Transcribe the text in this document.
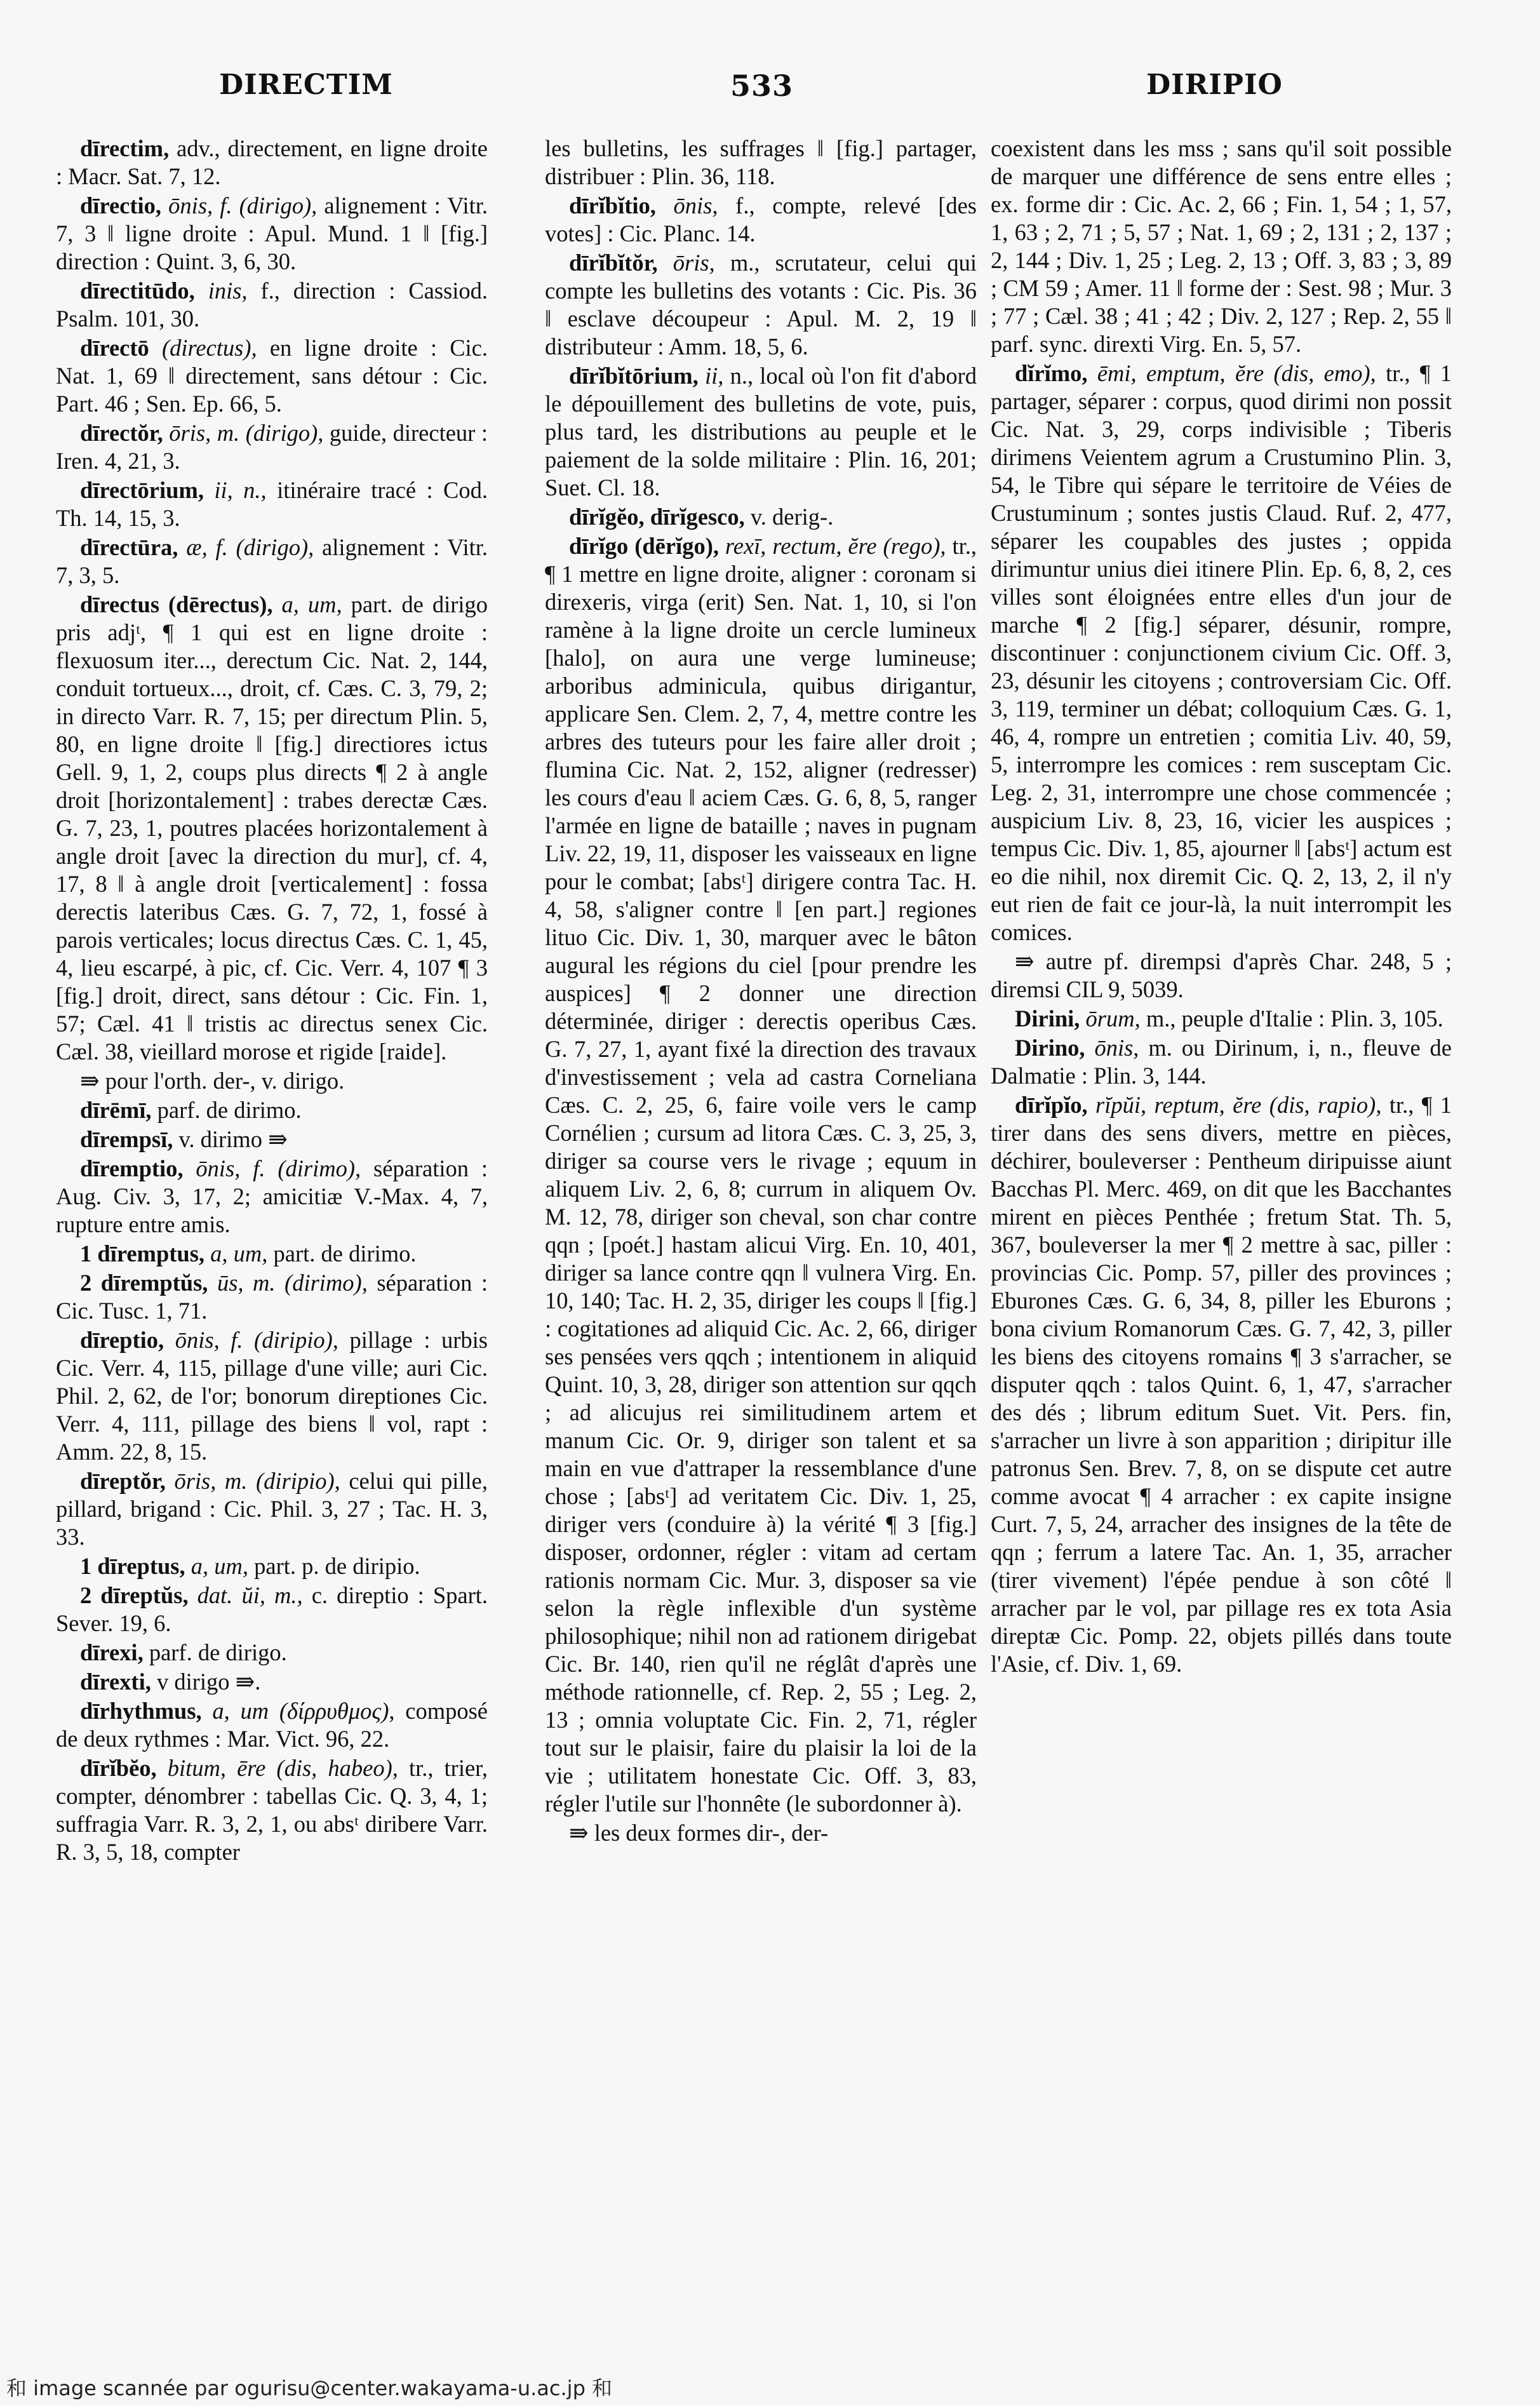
DIRECTIM	533	DIRIPIO

dīrectim, adv., directement, en ligne droite : Macr. Sat. 7, 12.

dīrectio, ōnis, f. (dirigo), alignement : Vitr. 7, 3 ‖ ligne droite : Apul. Mund. 1 ‖ [fig.] direction : Quint. 3, 6, 30.

dīrectitūdo, inis, f., direction : Cassiod. Psalm. 101, 30.

dīrectō (directus), en ligne droite : Cic. Nat. 1, 69 ‖ directement, sans détour : Cic. Part. 46 ; Sen. Ep. 66, 5.

dīrectŏr, ōris, m. (dirigo), guide, directeur : Iren. 4, 21, 3.

dīrectōrium, ii, n., itinéraire tracé : Cod. Th. 14, 15, 3.

dīrectūra, æ, f. (dirigo), alignement : Vitr. 7, 3, 5.

dīrectus (dērectus), a, um, part. de dirigo pris adjᵗ, ¶ 1 qui est en ligne droite : flexuosum iter..., derectum Cic. Nat. 2, 144, conduit tortueux..., droit, cf. Cæs. C. 3, 79, 2; in directo Varr. R. 7, 15; per directum Plin. 5, 80, en ligne droite ‖ [fig.] directiores ictus Gell. 9, 1, 2, coups plus directs ¶ 2 à angle droit [horizontalement] : trabes derectæ Cæs. G. 7, 23, 1, poutres placées horizontalement à angle droit [avec la direction du mur], cf. 4, 17, 8 ‖ à angle droit [verticalement] : fossa derectis lateribus Cæs. G. 7, 72, 1, fossé à parois verticales; locus directus Cæs. C. 1, 45, 4, lieu escarpé, à pic, cf. Cic. Verr. 4, 107 ¶ 3 [fig.] droit, direct, sans détour : Cic. Fin. 1, 57; Cæl. 41 ‖ tristis ac directus senex Cic. Cæl. 38, vieillard morose et rigide [raide].

⇛ pour l'orth. der-, v. dirigo.

dīrēmī, parf. de dirimo.

dīrempsī, v. dirimo ⇛

dīremptio, ōnis, f. (dirimo), séparation : Aug. Civ. 3, 17, 2; amicitiæ V.-Max. 4, 7, rupture entre amis.

1 dīremptus, a, um, part. de dirimo.

2 dīremptŭs, ūs, m. (dirimo), séparation : Cic. Tusc. 1, 71.

dīreptio, ōnis, f. (diripio), pillage : urbis Cic. Verr. 4, 115, pillage d'une ville; auri Cic. Phil. 2, 62, de l'or; bonorum direptiones Cic. Verr. 4, 111, pillage des biens ‖ vol, rapt : Amm. 22, 8, 15.

dīreptŏr, ōris, m. (diripio), celui qui pille, pillard, brigand : Cic. Phil. 3, 27 ; Tac. H. 3, 33.

1 dīreptus, a, um, part. p. de diripio.

2 dīreptŭs, dat. ŭi, m., c. direptio : Spart. Sever. 19, 6.

dīrexi, parf. de dirigo.

dīrexti, v dirigo ⇛.

dīrhythmus, a, um (δίρρυθμος), composé de deux rythmes : Mar. Vict. 96, 22.

dīrĭbĕo, bitum, ēre (dis, habeo), tr., trier, compter, dénombrer : tabellas Cic. Q. 3, 4, 1; suffragia Varr. R. 3, 2, 1, ou absᵗ diribere Varr. R. 3, 5, 18, compter

les bulletins, les suffrages ‖ [fig.] partager, distribuer : Plin. 36, 118.

dīrĭbĭtio, ōnis, f., compte, relevé [des votes] : Cic. Planc. 14.

dīrĭbĭtŏr, ōris, m., scrutateur, celui qui compte les bulletins des votants : Cic. Pis. 36 ‖ esclave découpeur : Apul. M. 2, 19 ‖ distributeur : Amm. 18, 5, 6.

dīrĭbĭtōrium, ii, n., local où l'on fit d'abord le dépouillement des bulletins de vote, puis, plus tard, les distributions au peuple et le paiement de la solde militaire : Plin. 16, 201; Suet. Cl. 18.

dīrĭgĕo, dīrĭgesco, v. derig-.

dīrĭgo (dērĭgo), rexī, rectum, ĕre (rego), tr., ¶ 1 mettre en ligne droite, aligner : coronam si direxeris, virga (erit) Sen. Nat. 1, 10, si l'on ramène à la ligne droite un cercle lumineux [halo], on aura une verge lumineuse; arboribus adminicula, quibus dirigantur, applicare Sen. Clem. 2, 7, 4, mettre contre les arbres des tuteurs pour les faire aller droit ; flumina Cic. Nat. 2, 152, aligner (redresser) les cours d'eau ‖ aciem Cæs. G. 6, 8, 5, ranger l'armée en ligne de bataille ; naves in pugnam Liv. 22, 19, 11, disposer les vaisseaux en ligne pour le combat; [absᵗ] dirigere contra Tac. H. 4, 58, s'aligner contre ‖ [en part.] regiones lituo Cic. Div. 1, 30, marquer avec le bâton augural les régions du ciel [pour prendre les auspices] ¶ 2 donner une direction déterminée, diriger : derectis operibus Cæs. G. 7, 27, 1, ayant fixé la direction des travaux d'investissement ; vela ad castra Corneliana Cæs. C. 2, 25, 6, faire voile vers le camp Cornélien ; cursum ad litora Cæs. C. 3, 25, 3, diriger sa course vers le rivage ; equum in aliquem Liv. 2, 6, 8; currum in aliquem Ov. M. 12, 78, diriger son cheval, son char contre qqn ; [poét.] hastam alicui Virg. En. 10, 401, diriger sa lance contre qqn ‖ vulnera Virg. En. 10, 140; Tac. H. 2, 35, diriger les coups ‖ [fig.] : cogitationes ad aliquid Cic. Ac. 2, 66, diriger ses pensées vers qqch ; intentionem in aliquid Quint. 10, 3, 28, diriger son attention sur qqch ; ad alicujus rei similitudinem artem et manum Cic. Or. 9, diriger son talent et sa main en vue d'attraper la ressemblance d'une chose ; [absᵗ] ad veritatem Cic. Div. 1, 25, diriger vers (conduire à) la vérité ¶ 3 [fig.] disposer, ordonner, régler : vitam ad certam rationis normam Cic. Mur. 3, disposer sa vie selon la règle inflexible d'un système philosophique; nihil non ad rationem dirigebat Cic. Br. 140, rien qu'il ne réglât d'après une méthode rationnelle, cf. Rep. 2, 55 ; Leg. 2, 13 ; omnia voluptate Cic. Fin. 2, 71, régler tout sur le plaisir, faire du plaisir la loi de la vie ; utilitatem honestate Cic. Off. 3, 83, régler l'utile sur l'honnête (le subordonner à).

⇛ les deux formes dir-, der-

coexistent dans les mss ; sans qu'il soit possible de marquer une différence de sens entre elles ; ex. forme dir : Cic. Ac. 2, 66 ; Fin. 1, 54 ; 1, 57, 1, 63 ; 2, 71 ; 5, 57 ; Nat. 1, 69 ; 2, 131 ; 2, 137 ; 2, 144 ; Div. 1, 25 ; Leg. 2, 13 ; Off. 3, 83 ; 3, 89 ; CM 59 ; Amer. 11 ‖ forme der : Sest. 98 ; Mur. 3 ; 77 ; Cæl. 38 ; 41 ; 42 ; Div. 2, 127 ; Rep. 2, 55 ‖ parf. sync. direxti Virg. En. 5, 57.

dĭrĭmo, ēmi, emptum, ĕre (dis, emo), tr., ¶ 1 partager, séparer : corpus, quod dirimi non possit Cic. Nat. 3, 29, corps indivisible ; Tiberis dirimens Veientem agrum a Crustumino Plin. 3, 54, le Tibre qui sépare le territoire de Véies de Crustuminum ; sontes justis Claud. Ruf. 2, 477, séparer les coupables des justes ; oppida dirimuntur unius diei itinere Plin. Ep. 6, 8, 2, ces villes sont éloignées entre elles d'un jour de marche ¶ 2 [fig.] séparer, désunir, rompre, discontinuer : conjunctionem civium Cic. Off. 3, 23, désunir les citoyens ; controversiam Cic. Off. 3, 119, terminer un débat; colloquium Cæs. G. 1, 46, 4, rompre un entretien ; comitia Liv. 40, 59, 5, interrompre les comices : rem susceptam Cic. Leg. 2, 31, interrompre une chose commencée ; auspicium Liv. 8, 23, 16, vicier les auspices ; tempus Cic. Div. 1, 85, ajourner ‖ [absᵗ] actum est eo die nihil, nox diremit Cic. Q. 2, 13, 2, il n'y eut rien de fait ce jour-là, la nuit interrompit les comices.

⇛ autre pf. dirempsi d'après Char. 248, 5 ; diremsi CIL 9, 5039.

Dirini, ōrum, m., peuple d'Italie : Plin. 3, 105.

Dirino, ōnis, m. ou Dirinum, i, n., fleuve de Dalmatie : Plin. 3, 144.

dīrĭpĭo, rĭpŭi, reptum, ĕre (dis, rapio), tr., ¶ 1 tirer dans des sens divers, mettre en pièces, déchirer, bouleverser : Pentheum diripuisse aiunt Bacchas Pl. Merc. 469, on dit que les Bacchantes mirent en pièces Penthée ; fretum Stat. Th. 5, 367, bouleverser la mer ¶ 2 mettre à sac, piller : provincias Cic. Pomp. 57, piller des provinces ; Eburones Cæs. G. 6, 34, 8, piller les Eburons ; bona civium Romanorum Cæs. G. 7, 42, 3, piller les biens des citoyens romains ¶ 3 s'arracher, se disputer qqch : talos Quint. 6, 1, 47, s'arracher des dés ; librum editum Suet. Vit. Pers. fin, s'arracher un livre à son apparition ; diripitur ille patronus Sen. Brev. 7, 8, on se dispute cet autre comme avocat ¶ 4 arracher : ex capite insigne Curt. 7, 5, 24, arracher des insignes de la tête de qqn ; ferrum a latere Tac. An. 1, 35, arracher (tirer vivement) l'épée pendue à son côté ‖ arracher par le vol, par pillage res ex tota Asia direptæ Cic. Pomp. 22, objets pillés dans toute l'Asie, cf. Div. 1, 69.

和 image scannée par ogurisu@center.wakayama-u.ac.jp 和
